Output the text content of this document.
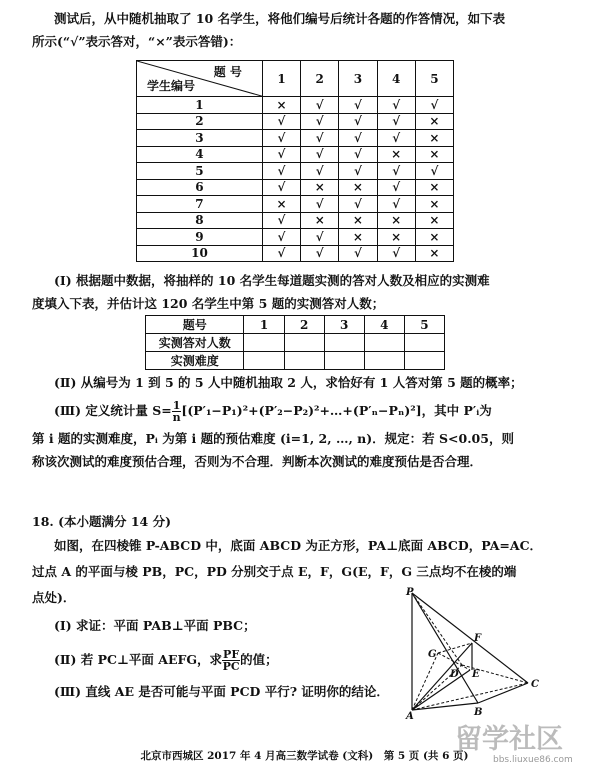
测试后，从中随机抽取了 10 名学生，将他们编号后统计各题的作答情况，如下表
所示(“√”表示答对，“×”表示答错)：
题 号
学生编号	1	2	3	4	5
1	×	√	√	√	√
2	√	√	√	√	×
3	√	√	√	√	×
4	√	√	√	×	×
5	√	√	√	√	√
6	√	×	×	√	×
7	×	√	√	√	×
8	√	×	×	×	×
9	√	√	×	×	×
10	√	√	√	√	×
(Ⅰ) 根据题中数据，将抽样的 10 名学生每道题实测的答对人数及相应的实测难
度填入下表，并估计这 120 名学生中第 5 题的实测答对人数；
题号	1	2	3	4	5
实测答对人数					
实测难度					
(Ⅱ) 从编号为 1 到 5 的 5 人中随机抽取 2 人，求恰好有 1 人答对第 5 题的概率；
(Ⅲ) 定义统计量 $S= \frac{1}{n}$ [(P′₁−P₁)²+(P′₂−P₂)²+…+(P′ₙ−Pₙ)²]，其中 P′ᵢ为
第 i 题的实测难度，Pᵢ 为第 i 题的预估难度 (i=1, 2, …, n)．规定：若 S<0.05，则
称该次测试的难度预估合理，否则为不合理．判断本次测试的难度预估是否合理．
18. (本小题满分 14 分)
如图，在四棱锥 P-ABCD 中，底面 ABCD 为正方形，PA⊥底面 ABCD，PA=AC．
过点 A 的平面与棱 PB，PC，PD 分别交于点 E，F，G(E，F，G 三点均不在棱的端
点处)．
(Ⅰ) 求证：平面 PAB⊥平面 PBC；
(Ⅱ) 若 PC⊥平面 AEFG，求 $\frac{PF}{PC}$ 的值；
(Ⅲ) 直线 AE 是否可能与平面 PCD 平行? 证明你的结论．
P
A	B
C
D E
F
G
北京市西城区 2017 年 4 月高三数学试卷 (文科)　第 5 页 (共 6 页)
留学社区
bbs.liuxue86.com
